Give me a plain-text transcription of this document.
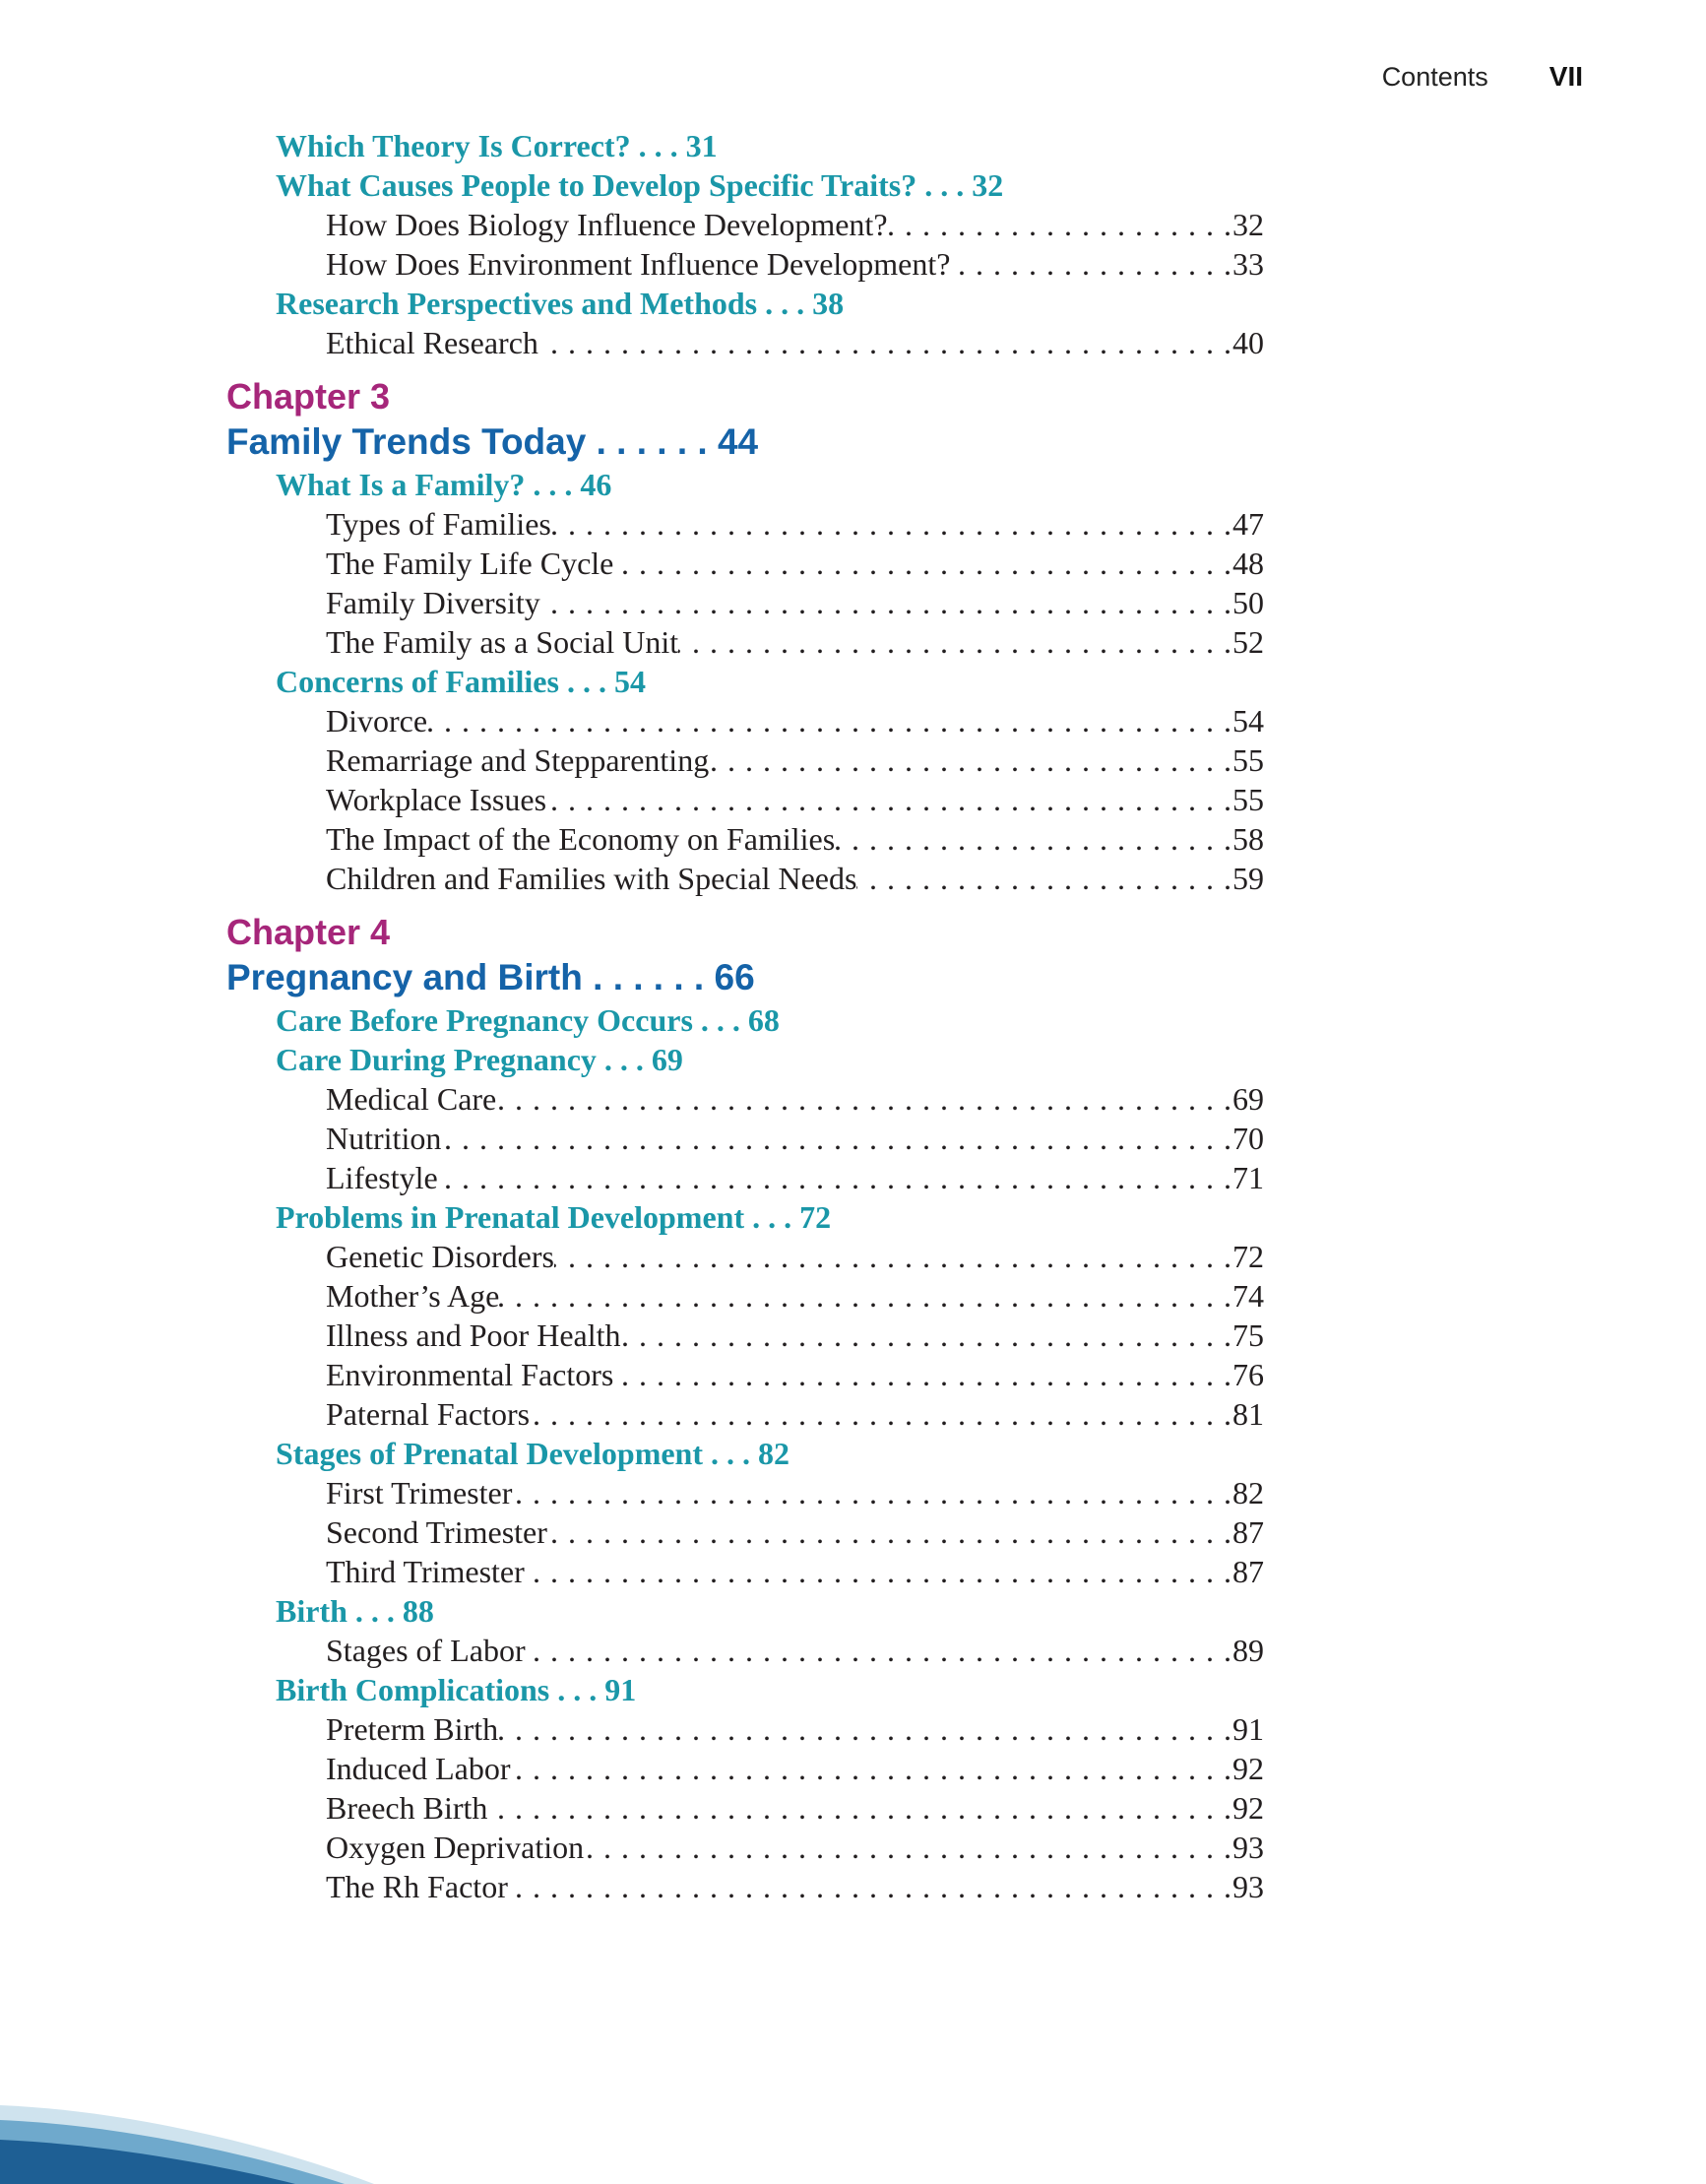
Contents VII
Which Theory Is Correct? . . . 31
What Causes People to Develop Specific Traits? . . . 32
How Does Biology Influence Development? . . .	32
How Does Environment Influence Development? . . .	33
Research Perspectives and Methods . . . 38
Ethical Research . . .	40
Chapter 3
Family Trends Today . . . . . . 44
What Is a Family? . . . 46
Types of Families . . .	47
The Family Life Cycle . . .	48
Family Diversity . . .	50
The Family as a Social Unit . . .	52
Concerns of Families . . . 54
Divorce . . .	54
Remarriage and Stepparenting . . .	55
Workplace Issues . . .	55
The Impact of the Economy on Families . . .	58
Children and Families with Special Needs . . .	59
Chapter 4
Pregnancy and Birth . . . . . . 66
Care Before Pregnancy Occurs . . . 68
Care During Pregnancy . . . 69
Medical Care . . .	69
Nutrition . . .	70
Lifestyle . . .	71
Problems in Prenatal Development . . . 72
Genetic Disorders . . .	72
Mother’s Age . . .	74
Illness and Poor Health . . .	75
Environmental Factors . . .	76
Paternal Factors . . .	81
Stages of Prenatal Development . . . 82
First Trimester . . .	82
Second Trimester . . .	87
Third Trimester . . .	87
Birth . . . 88
Stages of Labor . . .	89
Birth Complications . . . 91
Preterm Birth . . .	91
Induced Labor . . .	92
Breech Birth . . .	92
Oxygen Deprivation . . .	93
The Rh Factor . . .	93
